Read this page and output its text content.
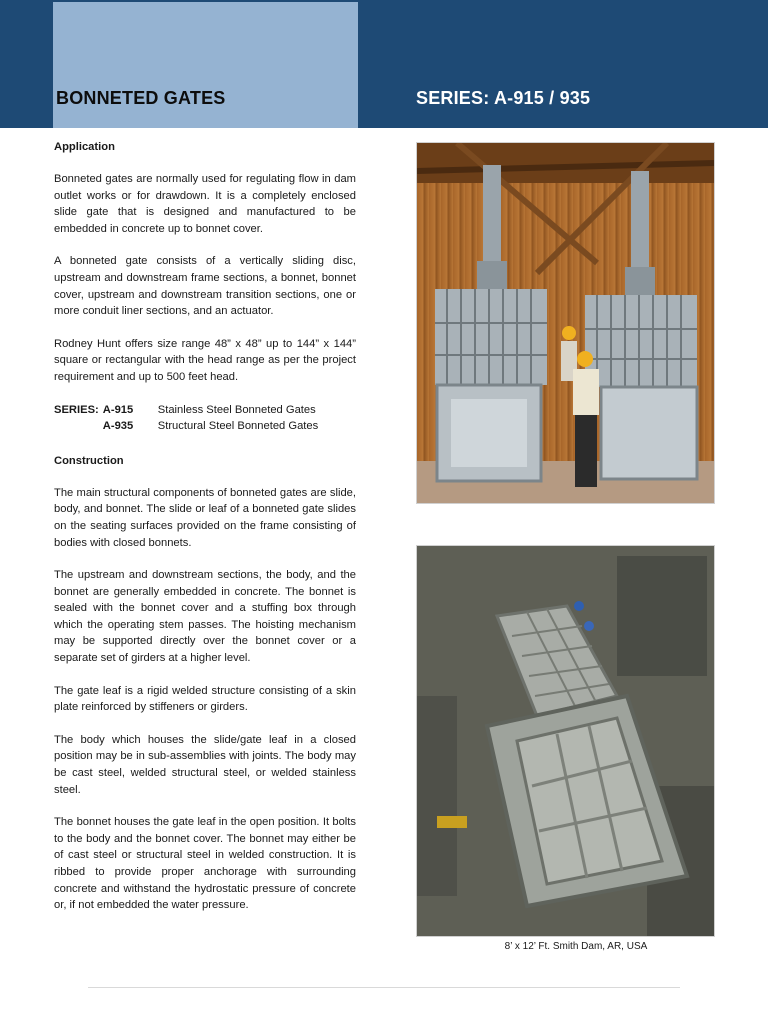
BONNETED GATES	SERIES: A-915 / 935
Application

Bonneted gates are normally used for regulating flow in dam outlet works or for drawdown. It is a completely enclosed slide gate that is designed and manufactured to be embedded in concrete up to bonnet cover.

A bonneted gate consists of a vertically sliding disc, upstream and downstream frame sections, a bonnet, bonnet cover, upstream and downstream transition sections, one or more conduit liner sections, and an actuator.

Rodney Hunt offers size range 48” x 48” up to 144” x 144” square or rectangular with the head range as per the project requirement and up to 500 feet head.

SERIES:	A-915	Stainless Steel Bonneted Gates
	A-935	Structural Steel Bonneted Gates
Construction

The main structural components of bonneted gates are slide, body, and bonnet. The slide or leaf of a bonneted gate slides on the seating surfaces provided on the frame consisting of bodies with closed bonnets.

The upstream and downstream sections, the body, and the bonnet are generally embedded in concrete. The bonnet is sealed with the bonnet cover and a stuffing box through which the operating stem passes. The hoisting mechanism may be supported directly over the bonnet cover or a separate set of girders at a higher level.

The gate leaf is a rigid welded structure consisting of a skin plate reinforced by stiffeners or girders.

The body which houses the slide/gate leaf in a closed position may be in sub-assemblies with joints. The body may be cast steel, welded structural steel, or welded stainless steel.

The bonnet houses the gate leaf in the open position. It bolts to the body and the bonnet cover. The bonnet may either be of cast steel or structural steel in welded construction. It is ribbed to provide proper anchorage with surrounding concrete and withstand the hydrostatic pressure of concrete or, if not embedded the water pressure.

8’ x 12’ Ft. Smith Dam, AR, USA
